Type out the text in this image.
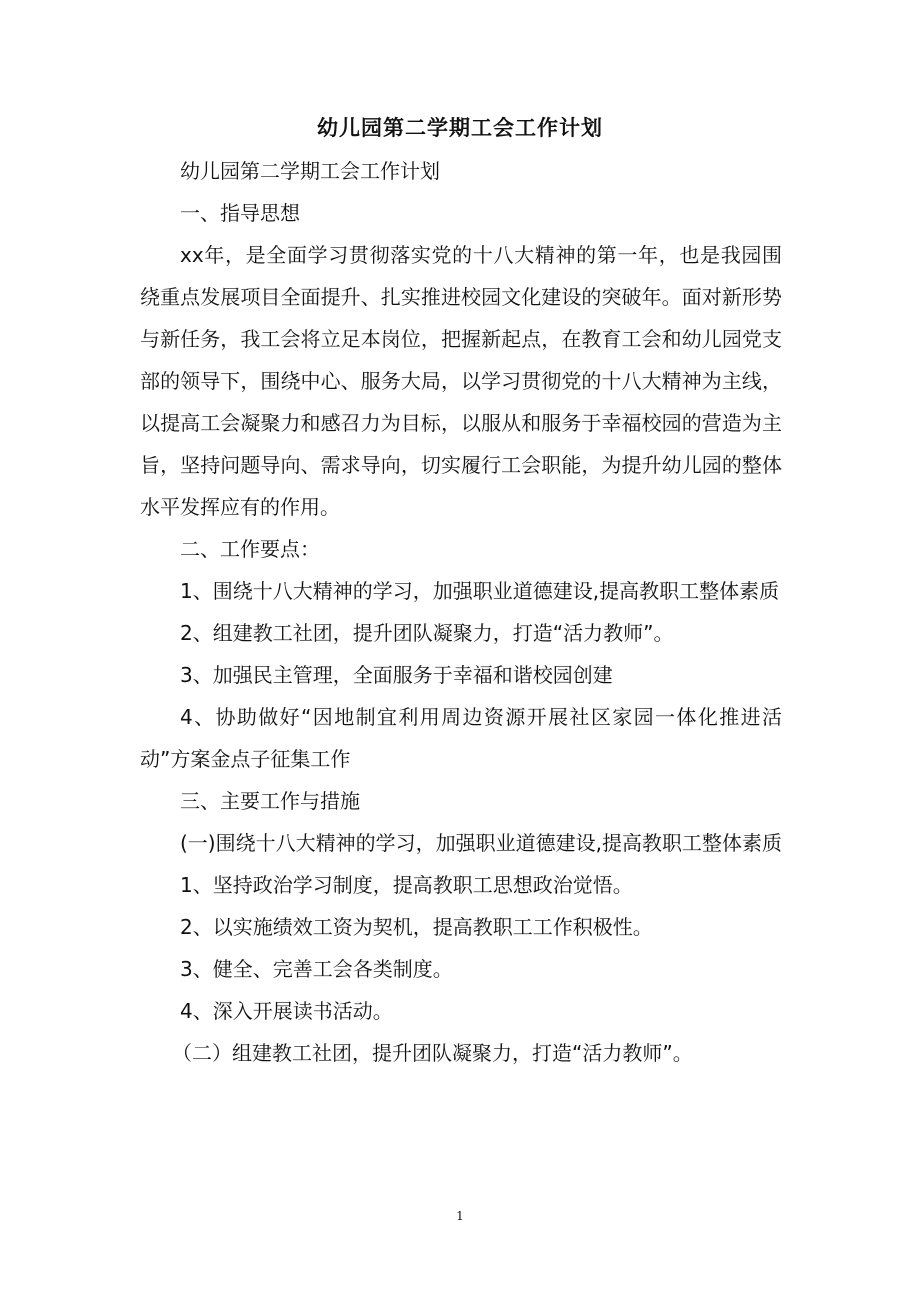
幼儿园第二学期工会工作计划

幼儿园第二学期工会工作计划

一、指导思想

xx年，是全面学习贯彻落实党的十八大精神的第一年，也是我园围绕重点发展项目全面提升、扎实推进校园文化建设的突破年。面对新形势与新任务，我工会将立足本岗位，把握新起点，在教育工会和幼儿园党支部的领导下，围绕中心、服务大局，以学习贯彻党的十八大精神为主线，以提高工会凝聚力和感召力为目标，以服从和服务于幸福校园的营造为主旨，坚持问题导向、需求导向，切实履行工会职能，为提升幼儿园的整体水平发挥应有的作用。

二、工作要点：

1、围绕十八大精神的学习，加强职业道德建设,提高教职工整体素质

2、组建教工社团，提升团队凝聚力，打造“活力教师”。

3、加强民主管理，全面服务于幸福和谐校园创建

4、协助做好“因地制宜利用周边资源开展社区家园一体化推进活动”方案金点子征集工作

三、主要工作与措施

(一)围绕十八大精神的学习，加强职业道德建设,提高教职工整体素质

1、坚持政治学习制度，提高教职工思想政治觉悟。

2、以实施绩效工资为契机，提高教职工工作积极性。

3、健全、完善工会各类制度。

4、深入开展读书活动。

（二）组建教工社团，提升团队凝聚力，打造“活力教师”。

1
